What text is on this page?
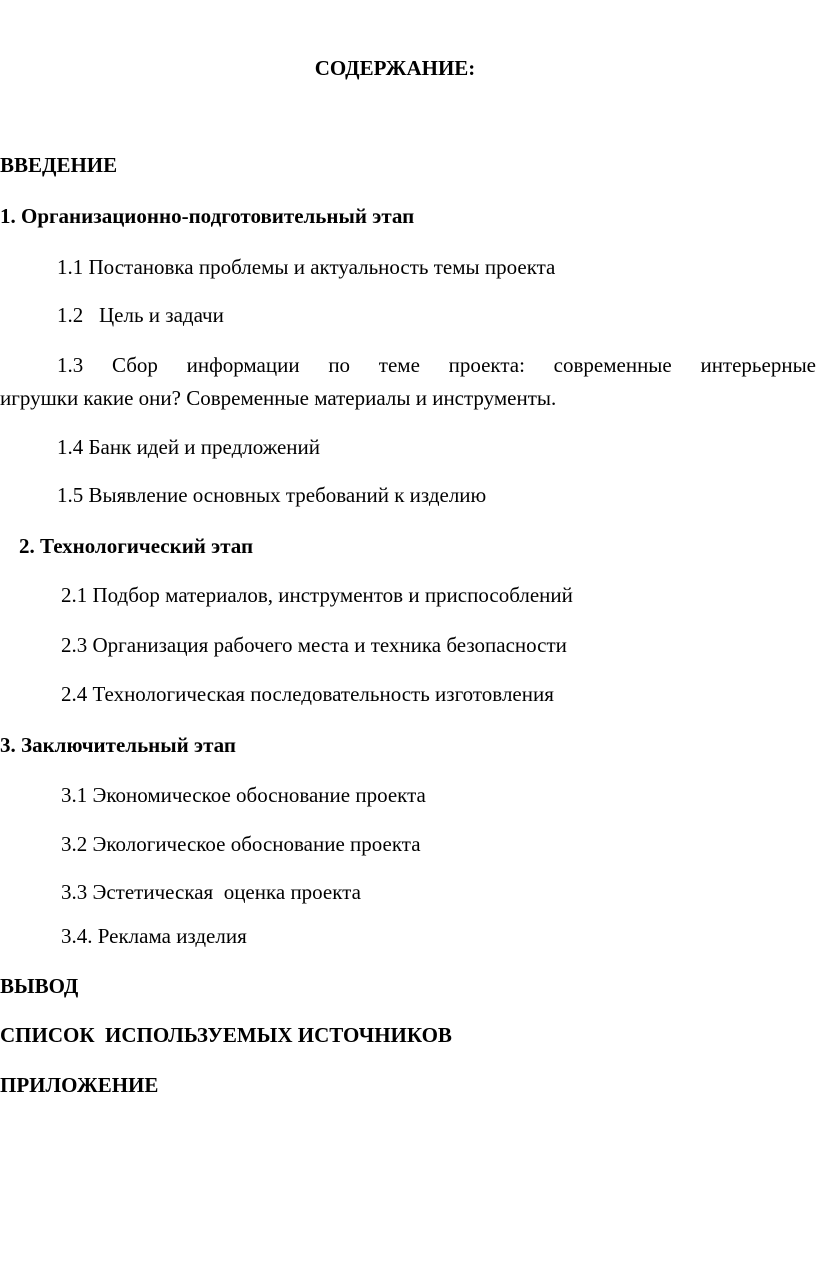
СОДЕРЖАНИЕ:

ВВЕДЕНИЕ

1. Организационно-подготовительный этап

1.1 Постановка проблемы и актуальность темы проекта

1.2   Цель и задачи

1.3 Сбор информации по теме проекта: современные интерьерные
игрушки какие они? Современные материалы и инструменты.

1.4 Банк идей и предложений

1.5 Выявление основных требований к изделию

2. Технологический этап

2.1 Подбор материалов, инструментов и приспособлений

2.3 Организация рабочего места и техника безопасности

2.4 Технологическая последовательность изготовления

3. Заключительный этап

3.1 Экономическое обоснование проекта

3.2 Экологическое обоснование проекта

3.3 Эстетическая  оценка проекта

3.4. Реклама изделия

ВЫВОД

СПИСОК  ИСПОЛЬЗУЕМЫХ ИСТОЧНИКОВ

ПРИЛОЖЕНИЕ
